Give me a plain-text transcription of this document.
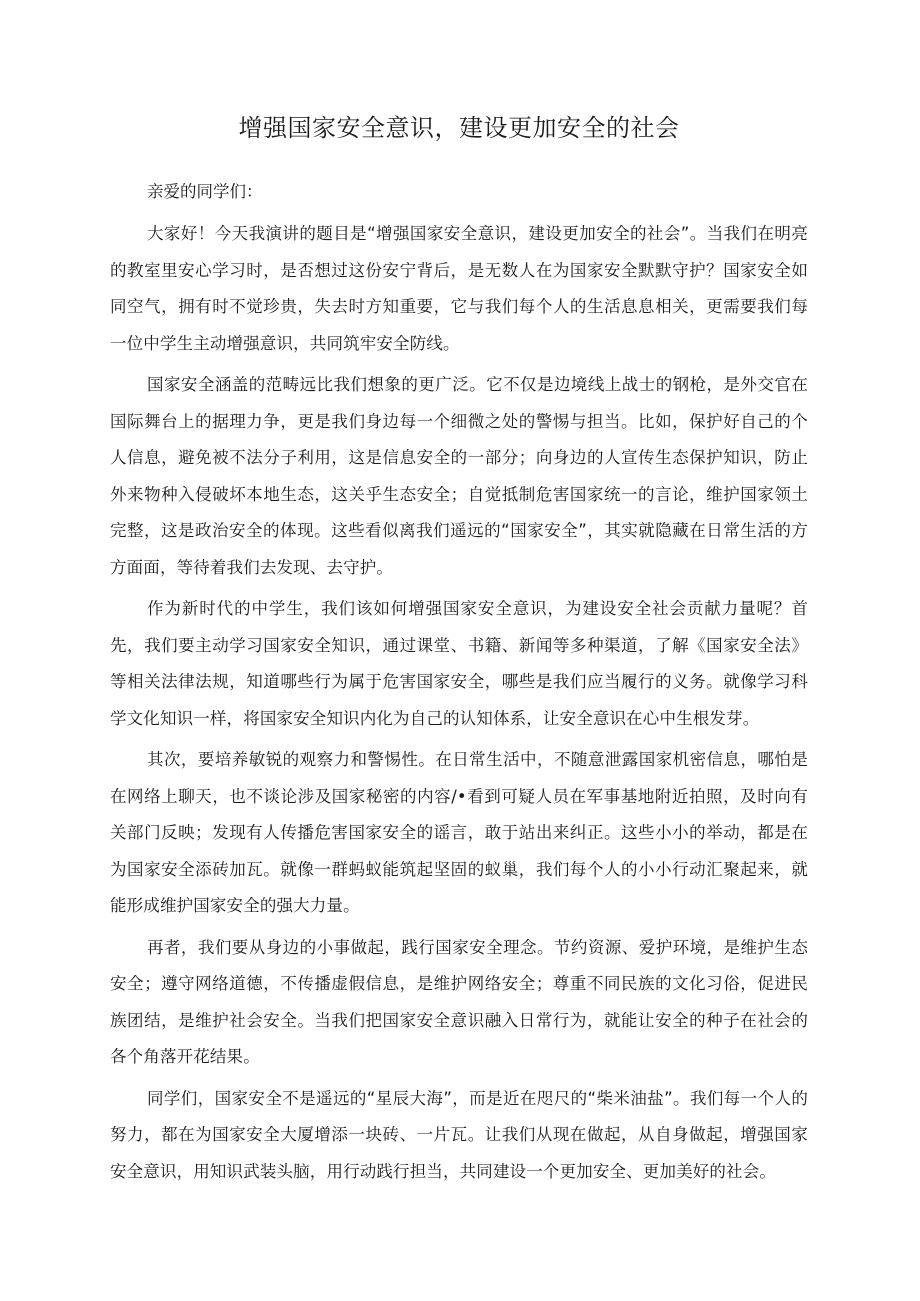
增强国家安全意识，建设更加安全的社会

亲爱的同学们：

大家好！今天我演讲的题目是“增强国家安全意识，建设更加安全的社会”。当我们在明亮的教室里安心学习时，是否想过这份安宁背后，是无数人在为国家安全默默守护？国家安全如同空气，拥有时不觉珍贵，失去时方知重要，它与我们每个人的生活息息相关，更需要我们每一位中学生主动增强意识，共同筑牢安全防线。

国家安全涵盖的范畴远比我们想象的更广泛。它不仅是边境线上战士的钢枪，是外交官在国际舞台上的据理力争，更是我们身边每一个细微之处的警惕与担当。比如，保护好自己的个人信息，避免被不法分子利用，这是信息安全的一部分；向身边的人宣传生态保护知识，防止外来物种入侵破坏本地生态，这关乎生态安全；自觉抵制危害国家统一的言论，维护国家领土完整，这是政治安全的体现。这些看似离我们遥远的“国家安全”，其实就隐藏在日常生活的方方面面，等待着我们去发现、去守护。

作为新时代的中学生，我们该如何增强国家安全意识，为建设安全社会贡献力量呢？首先，我们要主动学习国家安全知识，通过课堂、书籍、新闻等多种渠道，了解《国家安全法》等相关法律法规，知道哪些行为属于危害国家安全，哪些是我们应当履行的义务。就像学习科学文化知识一样，将国家安全知识内化为自己的认知体系，让安全意识在心中生根发芽。

其次，要培养敏锐的观察力和警惕性。在日常生活中，不随意泄露国家机密信息，哪怕是在网络上聊天，也不谈论涉及国家秘密的内容/•看到可疑人员在军事基地附近拍照，及时向有关部门反映；发现有人传播危害国家安全的谣言，敢于站出来纠正。这些小小的举动，都是在为国家安全添砖加瓦。就像一群蚂蚁能筑起坚固的蚁巢，我们每个人的小小行动汇聚起来，就能形成维护国家安全的强大力量。

再者，我们要从身边的小事做起，践行国家安全理念。节约资源、爱护环境，是维护生态安全；遵守网络道德，不传播虚假信息，是维护网络安全；尊重不同民族的文化习俗，促进民族团结，是维护社会安全。当我们把国家安全意识融入日常行为，就能让安全的种子在社会的各个角落开花结果。

同学们，国家安全不是遥远的“星辰大海”，而是近在咫尺的“柴米油盐”。我们每一个人的努力，都在为国家安全大厦增添一块砖、一片瓦。让我们从现在做起，从自身做起，增强国家安全意识，用知识武装头脑，用行动践行担当，共同建设一个更加安全、更加美好的社会。
